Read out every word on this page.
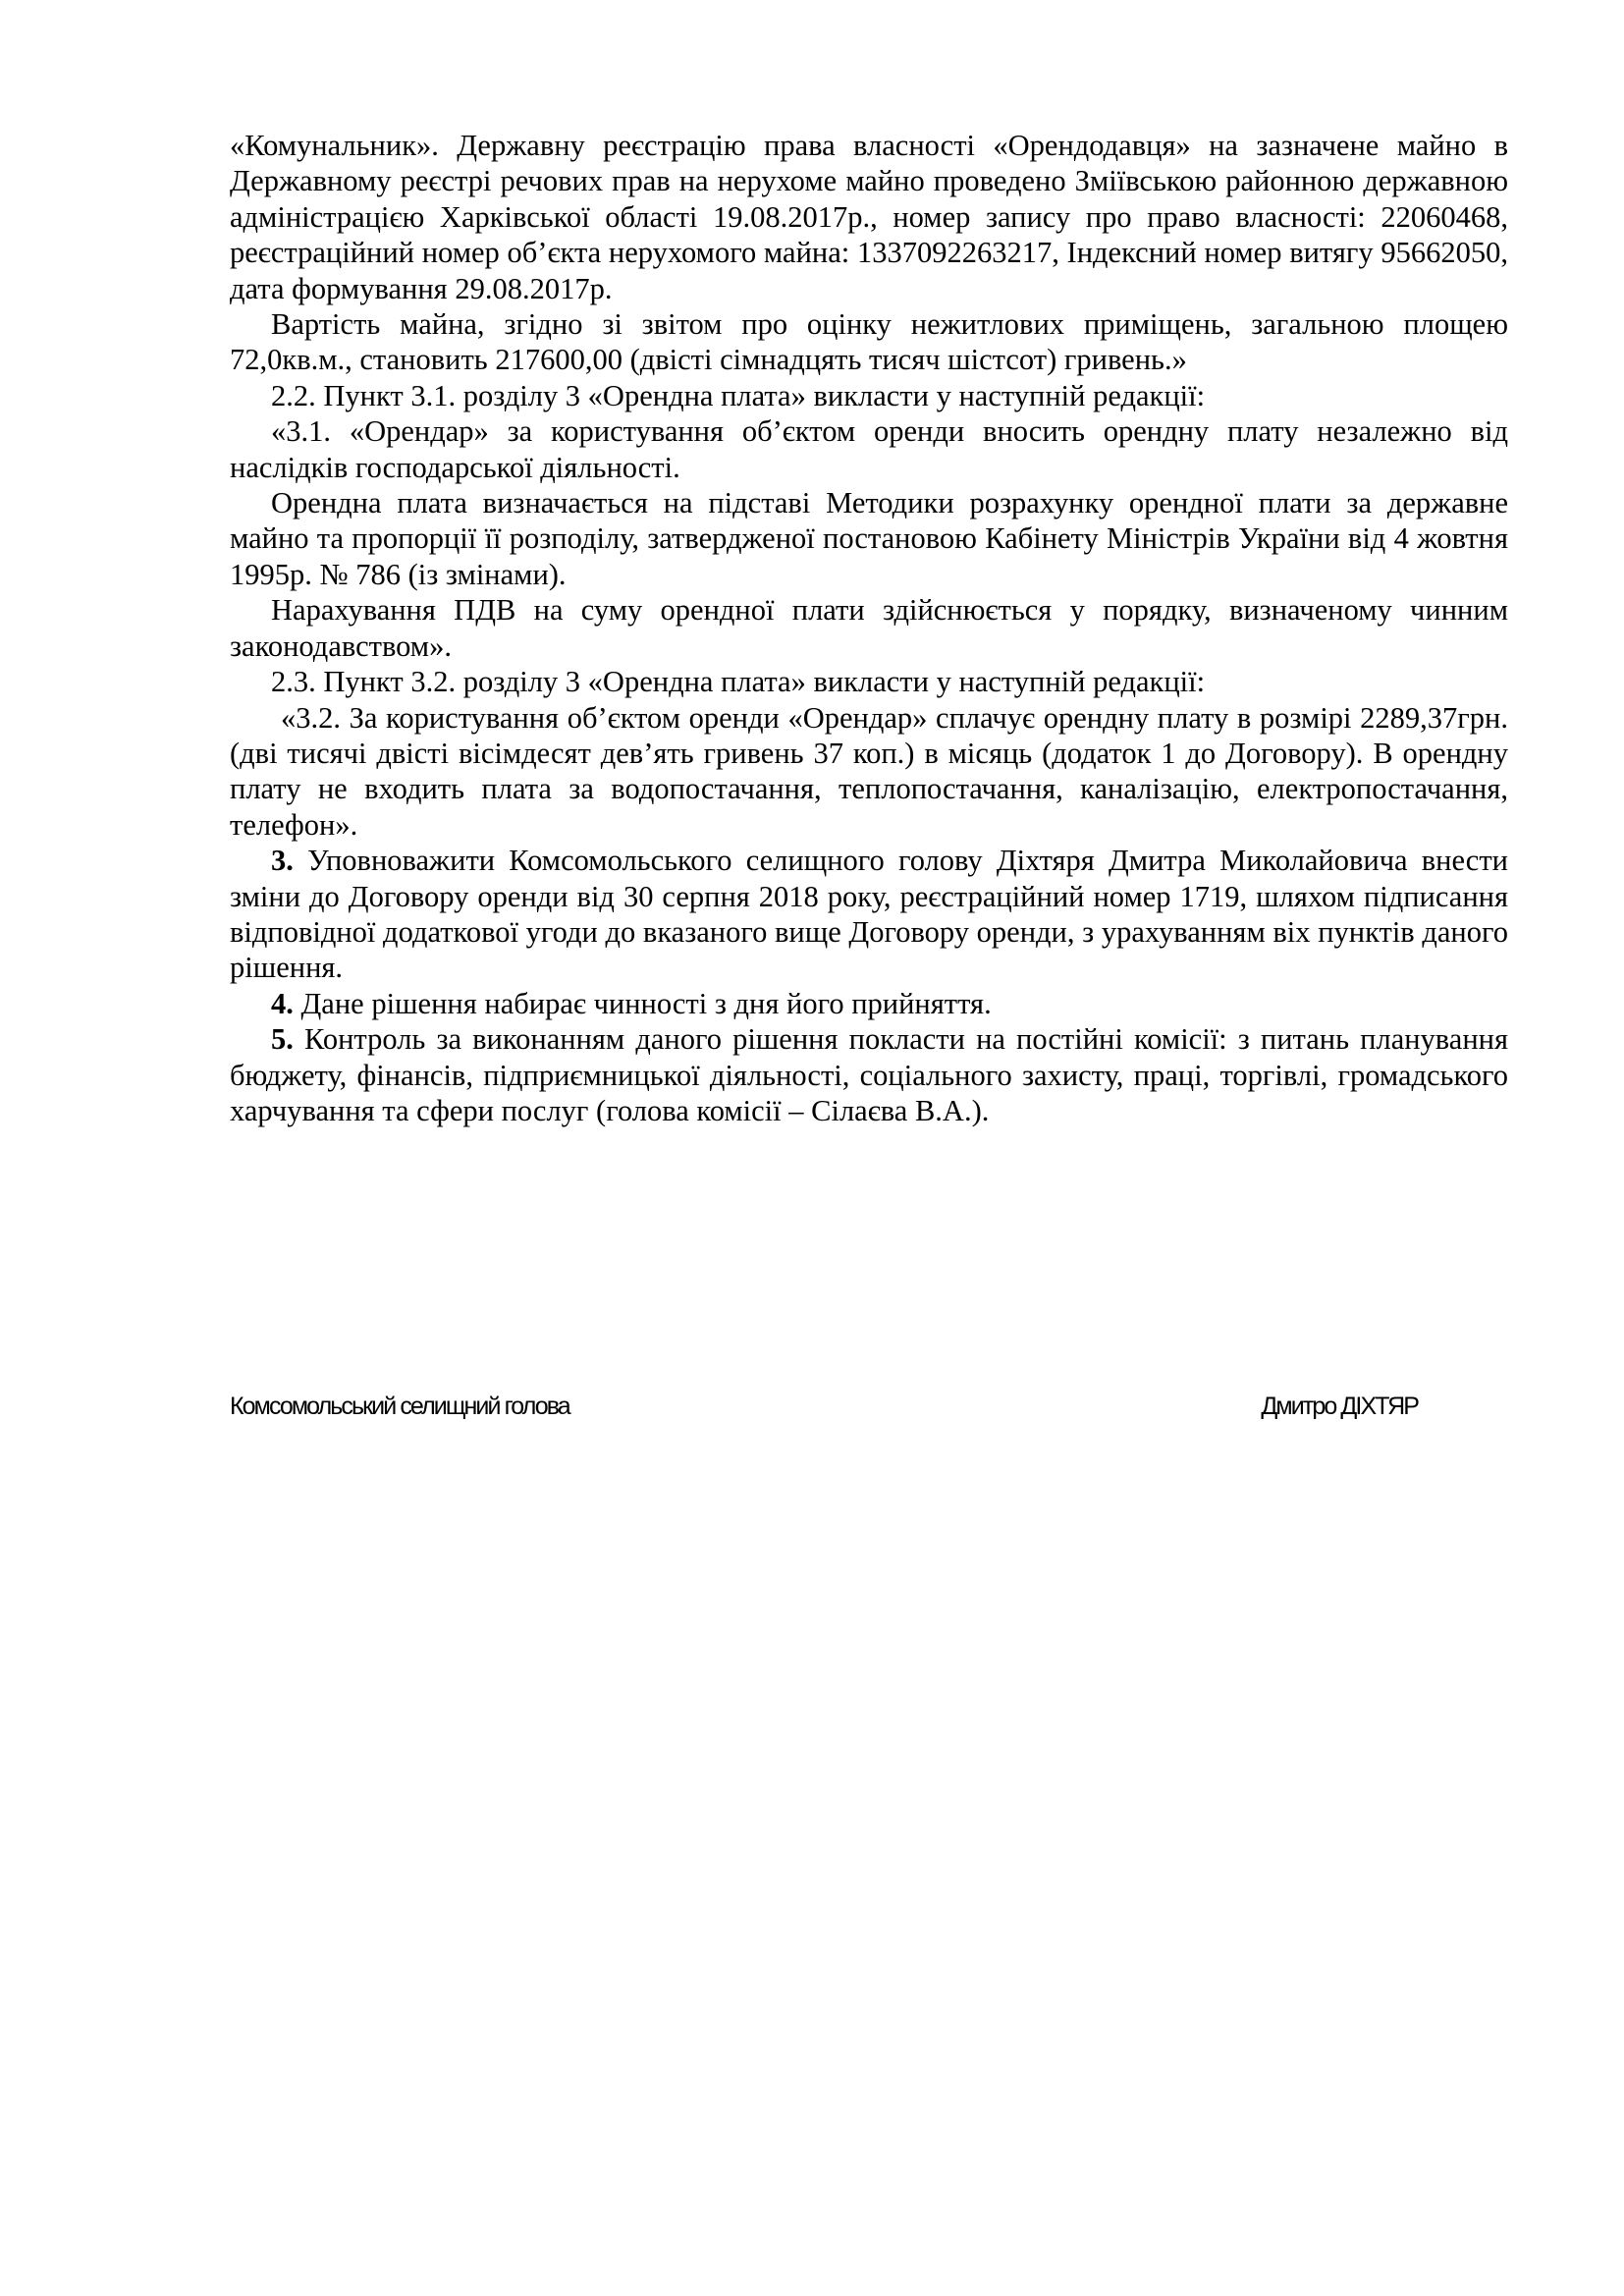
«Комунальник». Державну реєстрацію права власності «Орендодавця» на зазначене майно в Державному реєстрі речових прав на нерухоме майно проведено Зміївською районною державною адміністрацією Харківської області 19.08.2017р., номер запису про право власності: 22060468, реєстраційний номер об’єкта нерухомого майна: 1337092263217, Індексний номер витягу 95662050, дата формування 29.08.2017р.

Вартість майна, згідно зі звітом про оцінку нежитлових приміщень, загальною площею 72,0кв.м., становить 217600,00 (двісті сімнадцять тисяч шістсот) гривень.»

2.2. Пункт 3.1. розділу 3 «Орендна плата» викласти у наступній редакції:

«3.1. «Орендар» за користування об’єктом оренди вносить орендну плату незалежно від наслідків господарської діяльності.

Орендна плата визначається на підставі Методики розрахунку орендної плати за державне майно та пропорції її розподілу, затвердженої постановою Кабінету Міністрів України від 4 жовтня 1995р. № 786 (із змінами).

Нарахування ПДВ на суму орендної плати здійснюється у порядку, визначеному чинним законодавством».

2.3. Пункт 3.2. розділу 3 «Орендна плата» викласти у наступній редакції:

«3.2. За користування об’єктом оренди «Орендар» сплачує орендну плату в розмірі 2289,37грн. (дві тисячі двісті вісімдесят дев’ять гривень 37 коп.) в місяць (додаток 1 до Договору). В орендну плату не входить плата за водопостачання, теплопостачання, каналізацію, електропостачання, телефон».

3. Уповноважити Комсомольського селищного голову Діхтяря Дмитра Миколайовича внести зміни до Договору оренди від 30 серпня 2018 року, реєстраційний номер 1719, шляхом підписання відповідної додаткової угоди до вказаного вище Договору оренди, з урахуванням віх пунктів даного рішення.

4. Дане рішення набирає чинності з дня його прийняття.

5. Контроль за виконанням даного рішення покласти на постійні комісії: з питань планування бюджету, фінансів, підприємницької діяльності, соціального захисту, праці, торгівлі, громадського харчування та сфери послуг (голова комісії – Сілаєва В.А.).

Комсомольський селищний голова	Дмитро ДІХТЯР
